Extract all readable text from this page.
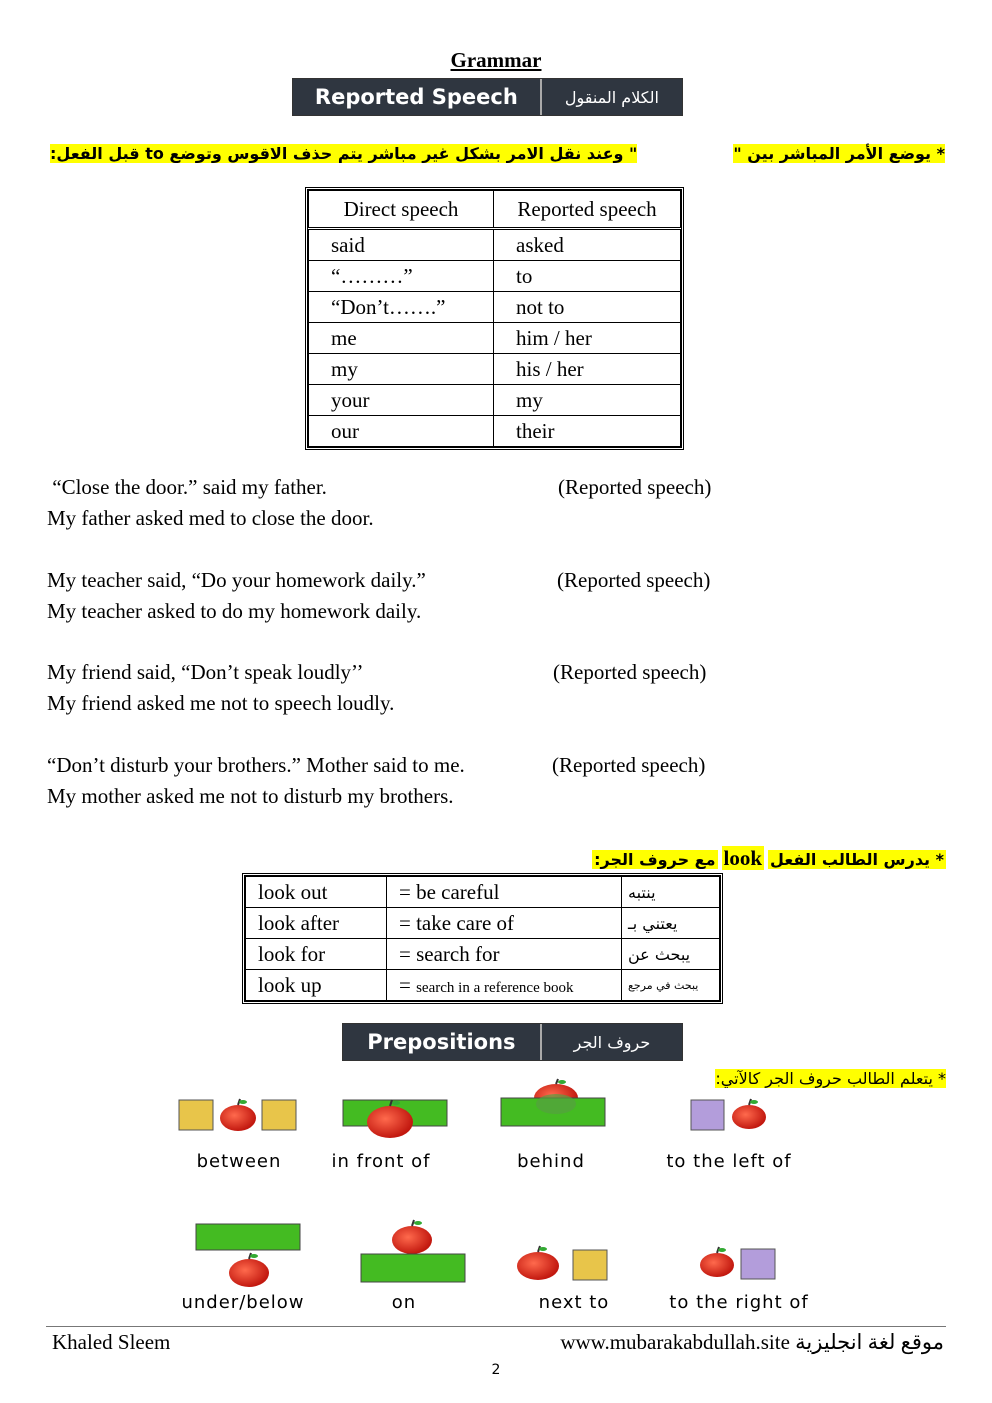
Grammar
Reported Speech	الكلام المنقول
* يوضع الأمر المباشر بين "" وعند نقل الامر بشكل غير مباشر يتم حذف الاقوس وتوضع to قبل الفعل:
Direct speech	Reported speech
said	asked
“………”	to
“Don’t…….”	not to
me	him / her
my	his / her
your	my
our	their
“Close the door.” said my father.	(Reported speech)
My father asked med to close the door.
My teacher said, “Do your homework daily.”	(Reported speech)
My teacher asked to do my homework daily.
My friend said, “Don’t speak loudly’’	(Reported speech)
My friend asked me not to speech loudly.
“Don’t disturb your brothers.” Mother said to me.	(Reported speech)
My mother asked me not to disturb my brothers.
* يدرس الطالب الفعل look مع حروف الجر:
look out	= be careful	ينتبه
look after	= take care of	يعتني بـ
look for	= search for	يبحث عن
look up	= search in a reference book	يبحث في مرجع
Prepositions	حروف الجر
* يتعلم الطالب حروف الجر كالآتي:
between	in front of	behind	to the left of
under/below	on	next to	to the right of
Khaled Sleem	www.mubarakabdullah.site موقع لغة انجليزية
2
